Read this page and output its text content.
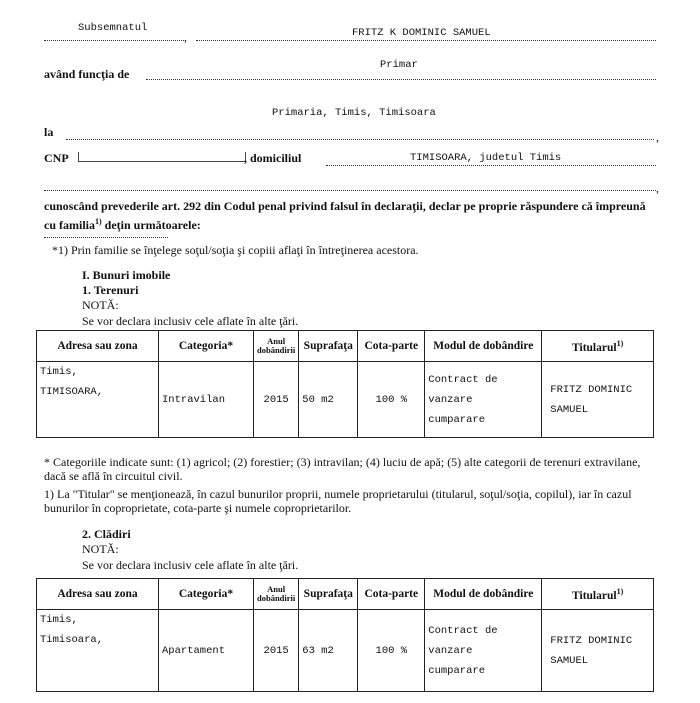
Subsemnatul
,	FRITZ K DOMINIC SAMUEL
având funcţia de
Primar
Primaria, Timis, Timisoara
la	,
CNP	, domiciliul	TIMISOARA, judetul Timis
,
cunoscând prevederile art. 292 din Codul penal privind falsul în declaraţii, declar pe proprie răspundere că împreună cu familia$^{1)}$ deţin următoarele:
*1) Prin familie se înţelege soţul/soţia şi copiii aflaţi în întreţinerea acestora.
I. Bunuri imobile
1. Terenuri
NOTĂ:
Se vor declara inclusiv cele aflate în alte ţări.
Adresa sau zona	Categoria*	Anul
dobândirii	Suprafaţa	Cota-parte	Modul de dobândire	Titularul$^{1)}$
Timis,
TIMISOARA,	Intravilan	2015	50 m2	100 %	Contract de
vanzare
cumparare	FRITZ DOMINIC
SAMUEL
* Categoriile indicate sunt: (1) agricol; (2) forestier; (3) intravilan; (4) luciu de apă; (5) alte categorii de terenuri extravilane, dacă se află în circuitul civil.
1) La "Titular" se menţionează, în cazul bunurilor proprii, numele proprietarului (titularul, soţul/soţia, copilul), iar în cazul bunurilor în coproprietate, cota-parte şi numele coproprietarilor.
2. Clădiri
NOTĂ:
Se vor declara inclusiv cele aflate în alte ţări.
Adresa sau zona	Categoria*	Anul
dobândirii	Suprafaţa	Cota-parte	Modul de dobândire	Titularul$^{1)}$
Timis,
Timisoara,	Apartament	2015	63 m2	100 %	Contract de
vanzare
cumparare	FRITZ DOMINIC
SAMUEL
